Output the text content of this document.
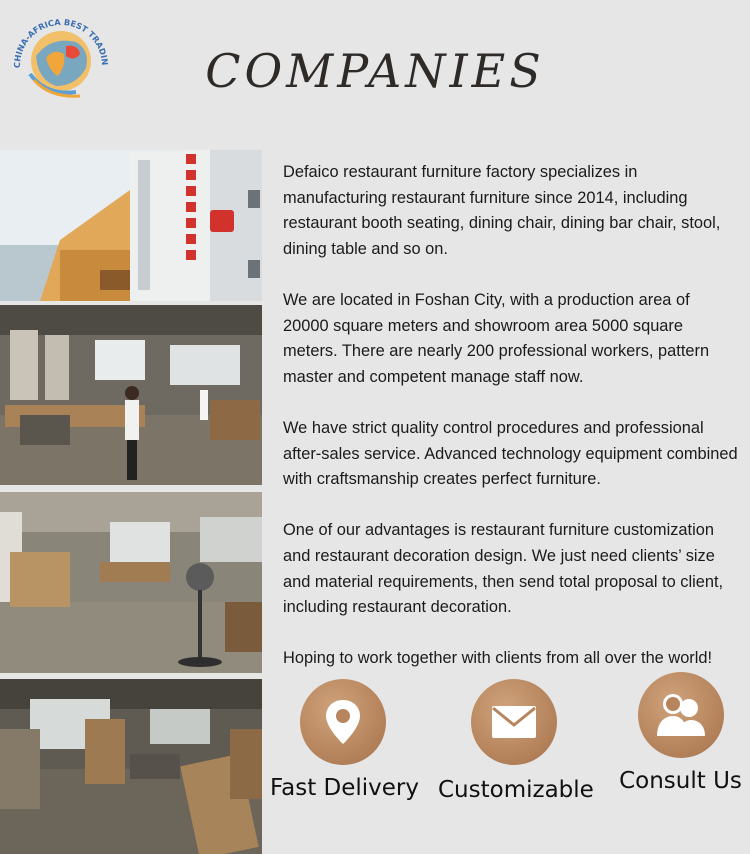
CHINA-AFRICA BEST TRADIN	COMPANIES

Defaico restaurant furniture factory specializes in manufacturing restaurant furniture since 2014, including restaurant booth seating, dining chair, dining bar chair, stool, dining table and so on.

We are located in Foshan City, with a production area of 20000 square meters and showroom area 5000 square meters. There are nearly 200 professional workers, pattern master and competent manage staff now.

We have strict quality control procedures and professional after-sales service. Advanced technology equipment combined with craftsmanship creates perfect furniture.

One of our advantages is restaurant furniture customization and restaurant decoration design. We just need clients’ size and material requirements, then send total proposal to client, including restaurant decoration.

Hoping to work together with clients from all over the world!

Fast Delivery Customizable Consult Us
